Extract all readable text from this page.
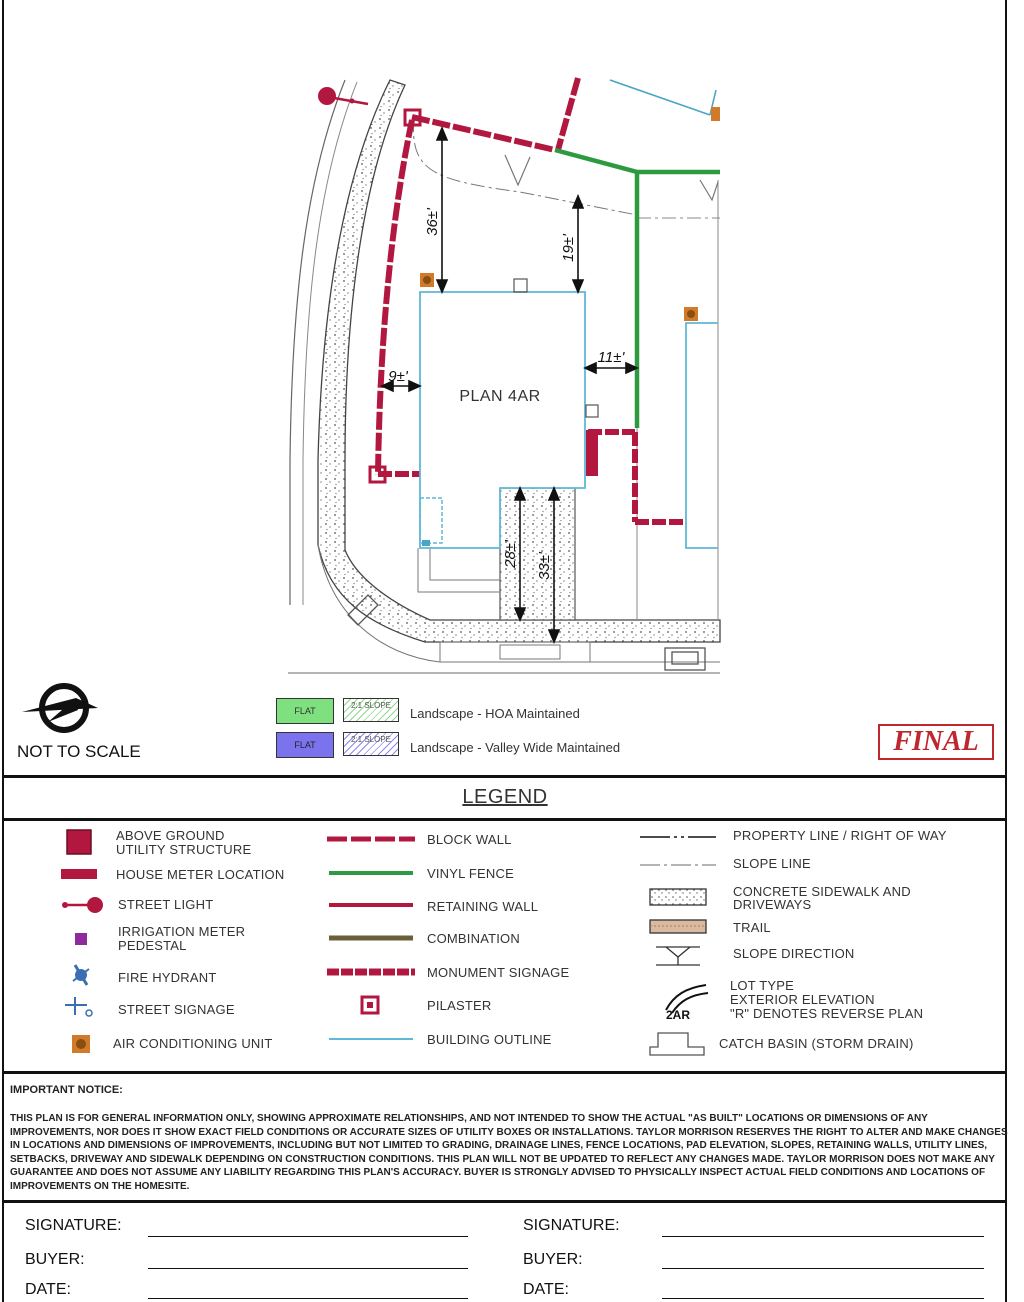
36±'
19±'
9±'
11±'
28±' 33±'
PLAN 4AR
NOT TO SCALE
FLAT
2:1 SLOPE
Landscape - HOA Maintained
FLAT
2:1 SLOPE
Landscape - Valley Wide Maintained	FINAL
LEGEND
ABOVE GROUND
UTILITY STRUCTURE
HOUSE METER LOCATION
STREET LIGHT
IRRIGATION METER
PEDESTAL
FIRE HYDRANT
STREET SIGNAGE
AIR CONDITIONING UNIT
BLOCK WALL
VINYL FENCE
RETAINING WALL
COMBINATION
MONUMENT SIGNAGE
PILASTER
BUILDING OUTLINE
2AR
PROPERTY LINE / RIGHT OF WAY
SLOPE LINE
CONCRETE SIDEWALK AND
DRIVEWAYS
TRAIL
SLOPE DIRECTION
LOT TYPE
EXTERIOR ELEVATION
"R" DENOTES REVERSE PLAN
CATCH BASIN (STORM DRAIN)
IMPORTANT NOTICE:
THIS PLAN IS FOR GENERAL INFORMATION ONLY, SHOWING APPROXIMATE RELATIONSHIPS, AND NOT INTENDED TO SHOW THE ACTUAL "AS BUILT" LOCATIONS OR DIMENSIONS OF ANY IMPROVEMENTS, NOR DOES IT SHOW EXACT FIELD CONDITIONS OR ACCURATE SIZES OF UTILITY BOXES OR INSTALLATIONS. TAYLOR MORRISON RESERVES THE RIGHT TO ALTER AND MAKE CHANGES IN LOCATIONS AND DIMENSIONS OF IMPROVEMENTS, INCLUDING BUT NOT LIMITED TO GRADING, DRAINAGE LINES, FENCE LOCATIONS, PAD ELEVATION, SLOPES, RETAINING WALLS, UTILITY LINES, SETBACKS, DRIVEWAY AND SIDEWALK DEPENDING ON CONSTRUCTION CONDITIONS. THIS PLAN WILL NOT BE UPDATED TO REFLECT ANY CHANGES MADE. TAYLOR MORRISON DOES NOT MAKE ANY GUARANTEE AND DOES NOT ASSUME ANY LIABILITY REGARDING THIS PLAN'S ACCURACY. BUYER IS STRONGLY ADVISED TO PHYSICALLY INSPECT ACTUAL FIELD CONDITIONS AND LOCATIONS OF IMPROVEMENTS ON THE HOMESITE.
SIGNATURE:
BUYER:
DATE:
SIGNATURE:
BUYER:
DATE:
